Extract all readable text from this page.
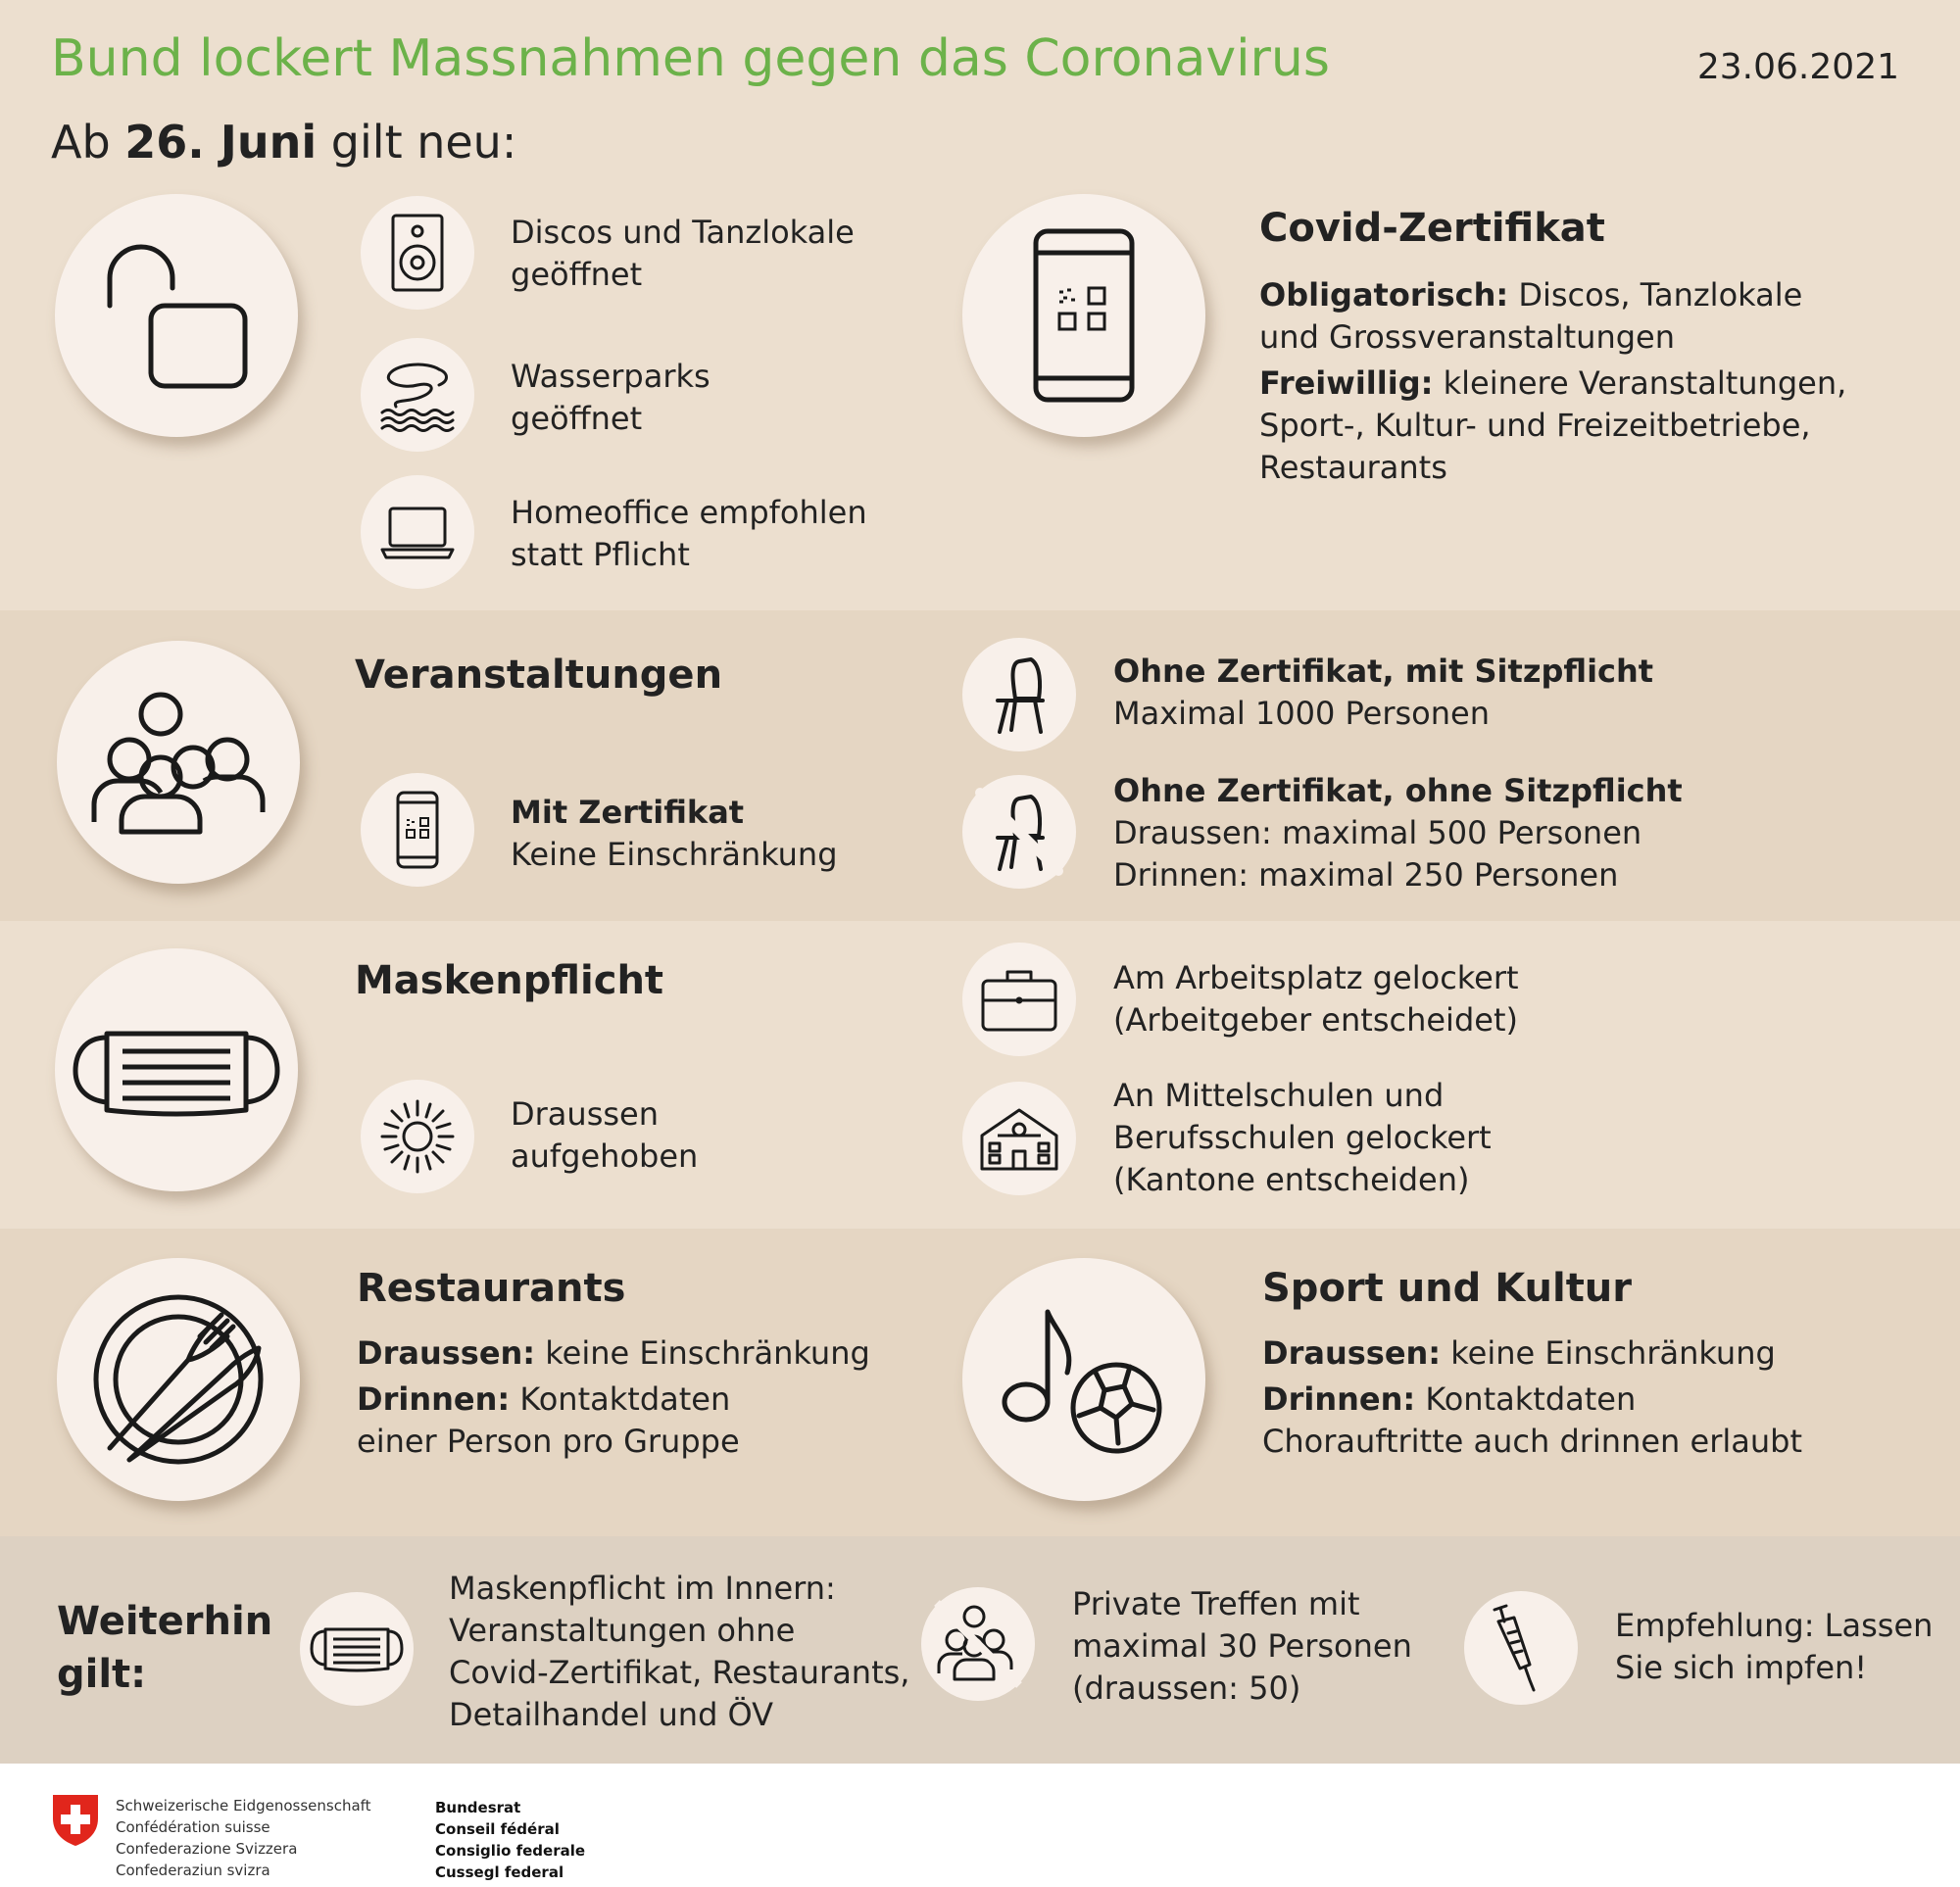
Bund lockert Massnahmen gegen das Coronavirus	23.06.2021
Ab 26. Juni gilt neu:
Discos und Tanzlokale
geöffnet
Wasserparks
geöffnet
Homeoffice empfohlen
statt Pflicht
Covid-Zertifikat
Obligatorisch: Discos, Tanzlokale
und Grossveranstaltungen
Freiwillig: kleinere Veranstaltungen,
Sport-, Kultur- und Freizeitbetriebe,
Restaurants
Veranstaltungen
Mit Zertifikat
Keine Einschränkung
Ohne Zertifikat, mit Sitzpflicht
Maximal 1000 Personen
Ohne Zertifikat, ohne Sitzpflicht
Draussen: maximal 500 Personen
Drinnen: maximal 250 Personen
Maskenpflicht
Draussen
aufgehoben
Am Arbeitsplatz gelockert
(Arbeitgeber entscheidet)
An Mittelschulen und
Berufsschulen gelockert
(Kantone entscheiden)
Restaurants
Draussen: keine Einschränkung
Drinnen: Kontaktdaten
einer Person pro Gruppe
Sport und Kultur
Draussen: keine Einschränkung
Drinnen: Kontaktdaten
Chorauftritte auch drinnen erlaubt
Weiterhin
gilt:
Maskenpflicht im Innern:
Veranstaltungen ohne
Covid-Zertifikat, Restaurants,
Detailhandel und ÖV
Private Treffen mit
maximal 30 Personen
(draussen: 50)
Empfehlung: Lassen
Sie sich impfen!
Schweizerische Eidgenossenschaft
Confédération suisse
Confederazione Svizzera
Confederaziun svizra
Bundesrat
Conseil fédéral
Consiglio federale
Cussegl federal
